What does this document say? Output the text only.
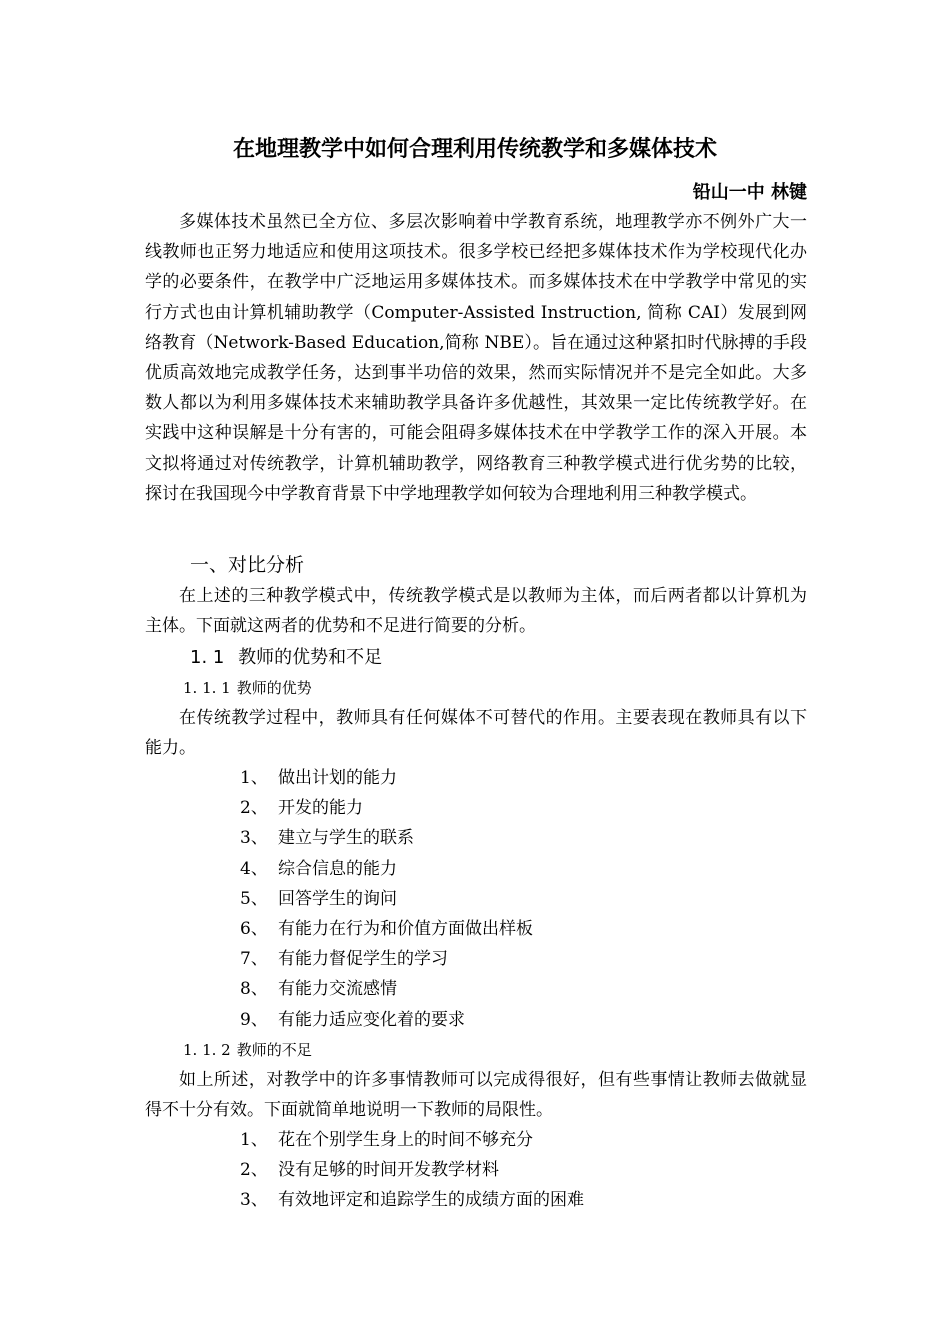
在地理教学中如何合理利用传统教学和多媒体技术
铅山一中 林键
多媒体技术虽然已全方位、多层次影响着中学教育系统，地理教学亦不例外广大一线教师也正努力地适应和使用这项技术。很多学校已经把多媒体技术作为学校现代化办学的必要条件，在教学中广泛地运用多媒体技术。而多媒体技术在中学教学中常见的实行方式也由计算机辅助教学（Computer-Assisted Instruction, 简称 CAI）发展到网络教育（Network-Based Education,简称 NBE）。旨在通过这种紧扣时代脉搏的手段优质高效地完成教学任务，达到事半功倍的效果，然而实际情况并不是完全如此。大多数人都以为利用多媒体技术来辅助教学具备许多优越性，其效果一定比传统教学好。在实践中这种误解是十分有害的，可能会阻碍多媒体技术在中学教学工作的深入开展。本文拟将通过对传统教学，计算机辅助教学，网络教育三种教学模式进行优劣势的比较，探讨在我国现今中学教育背景下中学地理教学如何较为合理地利用三种教学模式。
一、对比分析
在上述的三种教学模式中，传统教学模式是以教师为主体，而后两者都以计算机为主体。下面就这两者的优势和不足进行简要的分析。
1. 1 教师的优势和不足
1. 1. 1 教师的优势
在传统教学过程中，教师具有任何媒体不可替代的作用。主要表现在教师具有以下能力。
1、 做出计划的能力
2、 开发的能力
3、 建立与学生的联系
4、 综合信息的能力
5、 回答学生的询问
6、 有能力在行为和价值方面做出样板
7、 有能力督促学生的学习
8、 有能力交流感情
9、 有能力适应变化着的要求
1. 1. 2 教师的不足
如上所述，对教学中的许多事情教师可以完成得很好，但有些事情让教师去做就显得不十分有效。下面就简单地说明一下教师的局限性。
1、 花在个别学生身上的时间不够充分
2、 没有足够的时间开发教学材料
3、 有效地评定和追踪学生的成绩方面的困难
